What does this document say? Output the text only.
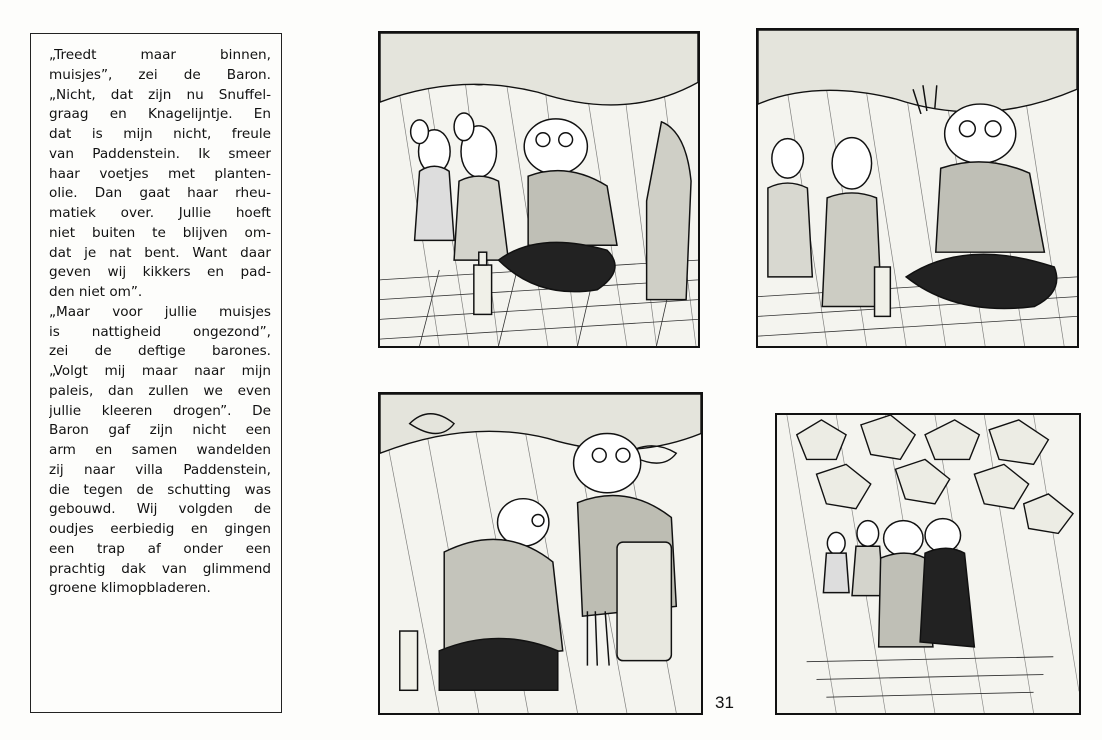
„Treedt maar binnen,
muisjes”, zei de Baron.
„Nicht, dat zijn nu Snuffel-
graag en Knagelijntje. En
dat is mijn nicht, freule
van Paddenstein. Ik smeer
haar voetjes met planten-
olie. Dan gaat haar rheu-
matiek over. Jullie hoeft
niet buiten te blijven om-
dat je nat bent. Want daar
geven wij kikkers en pad-
den niet om”.
„Maar voor jullie muisjes
is nattigheid ongezond”,
zei de deftige barones.
„Volgt mij maar naar mijn
paleis, dan zullen we even
jullie kleeren drogen”. De
Baron gaf zijn nicht een
arm en samen wandelden
zij naar villa Paddenstein,
die tegen de schutting was
gebouwd. Wij volgden de
oudjes eerbiedig en gingen
een trap af onder een
prachtig dak van glimmend
groene klimopbladeren.
31
